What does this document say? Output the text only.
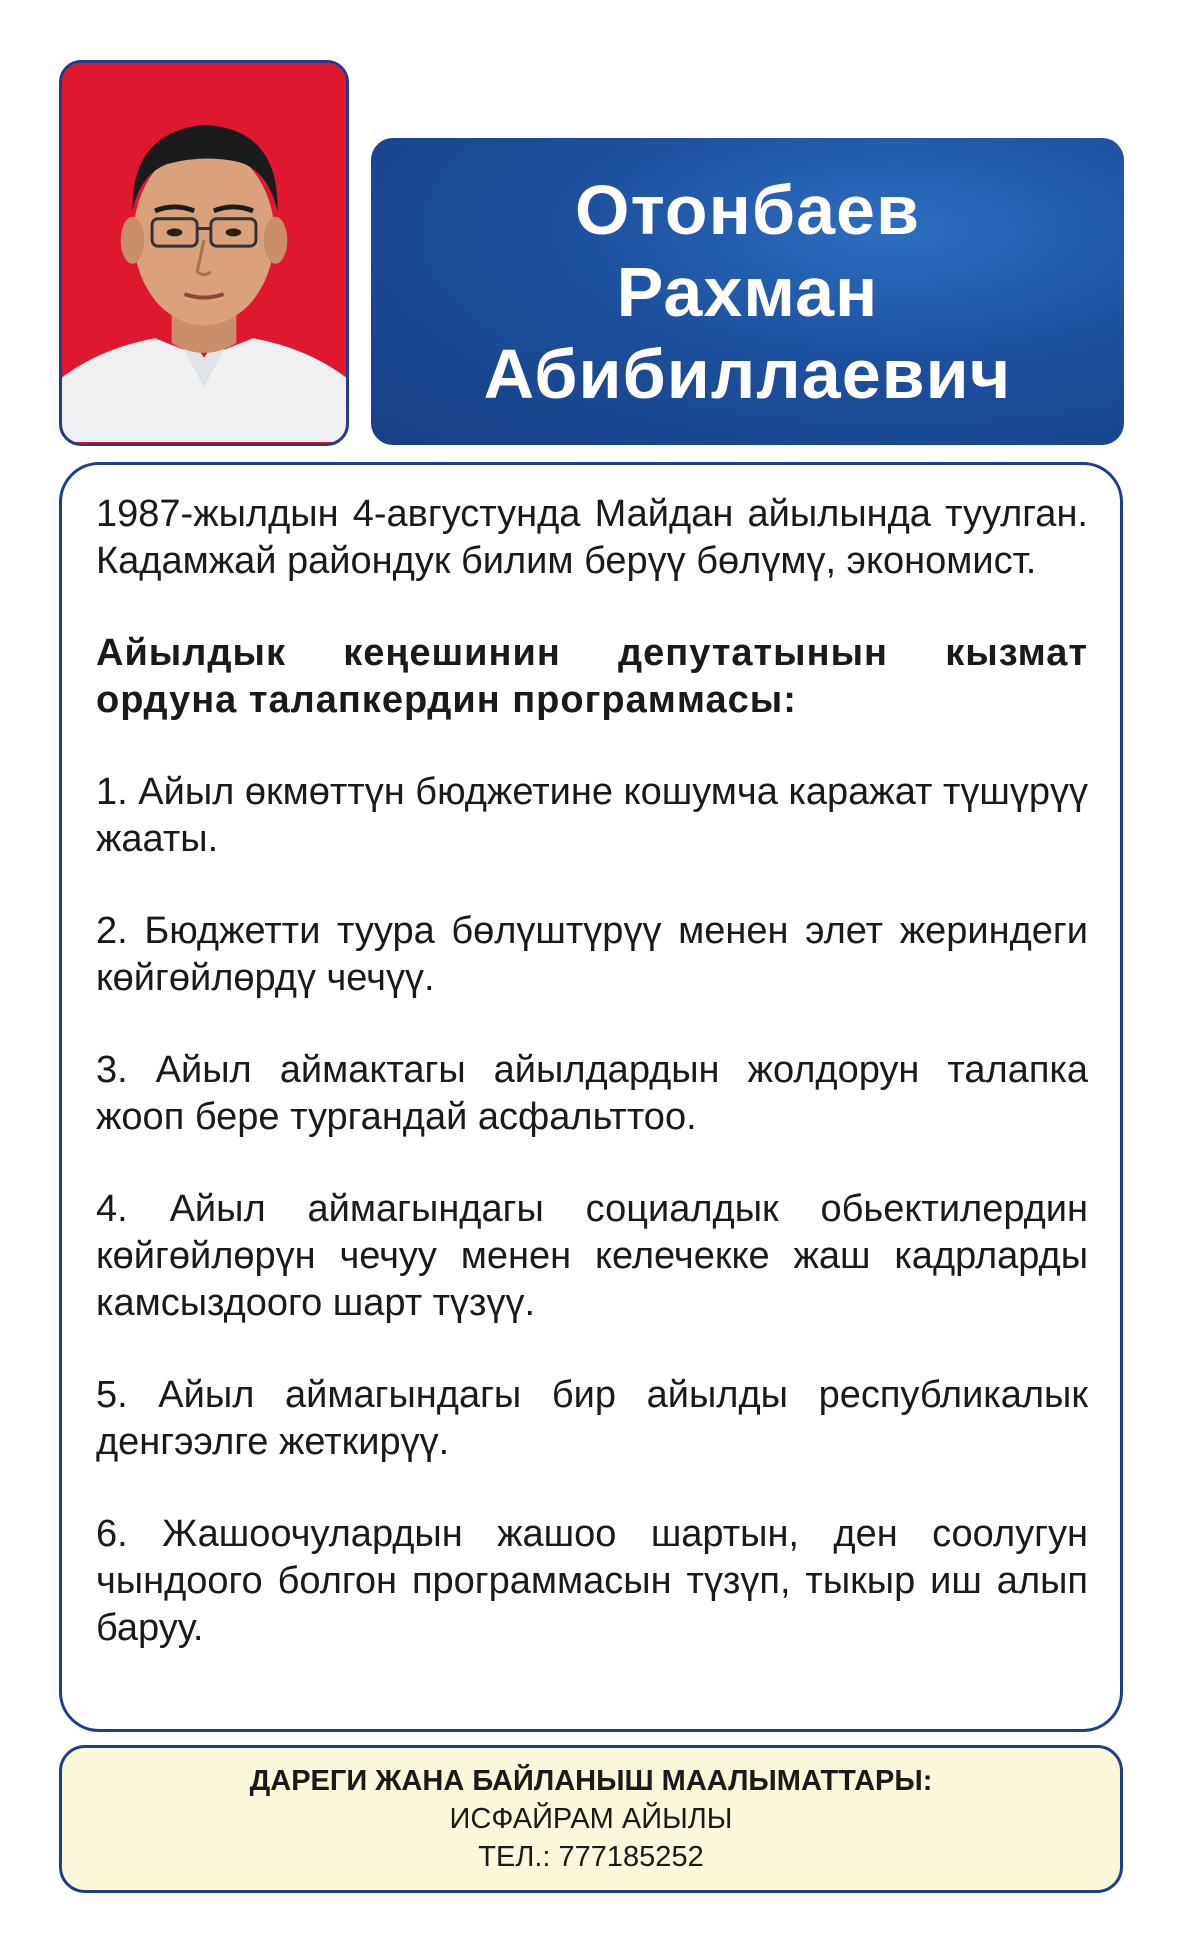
Отонбаев
Рахман
Абибиллаевич

1987-жылдын 4-августунда Майдан айылында туулган. Кадамжай райондук билим берүү бөлүмү, экономист.

Айылдык кеңешинин депутатынын кызмат ордуна талапкердин программасы:

1. Айыл өкмөттүн бюджетине кошумча каражат түшүрүү жааты.

2. Бюджетти туура бөлүштүрүү менен элет жериндеги көйгөйлөрдү чечүү.

3. Айыл аймактагы айылдардын жолдорун талапка жооп бере тургандай асфальттоо.

4. Айыл аймагындагы социалдык обьектилердин көйгөйлөрүн чечуу менен келечекке жаш кадрларды камсыздоого шарт түзүү.

5. Айыл аймагындагы бир айылды республикалык денгээлге жеткирүү.

6. Жашоочулардын жашоо шартын, ден соолугун чындоого болгон программасын түзүп, тыкыр иш алып баруу.

ДАРЕГИ ЖАНА БАЙЛАНЫШ МААЛЫМАТТАРЫ:
ИСФАЙРАМ АЙЫЛЫ
ТЕЛ.: 777185252
